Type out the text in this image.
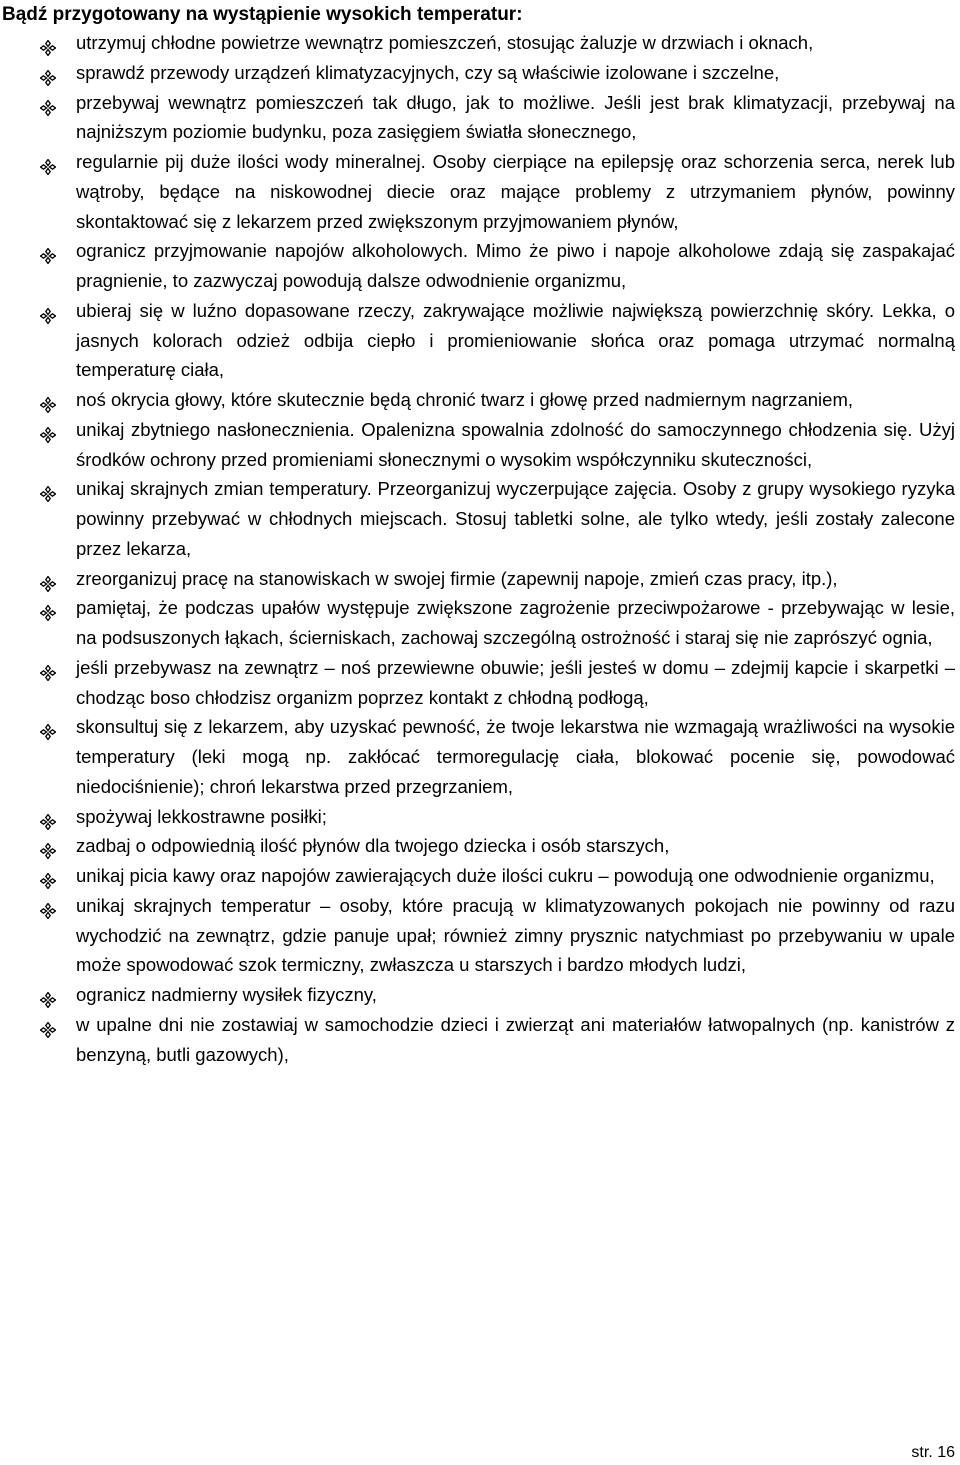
Bądź przygotowany na wystąpienie wysokich temperatur:
utrzymuj chłodne powietrze wewnątrz pomieszczeń, stosując żaluzje w drzwiach i oknach,
sprawdź przewody urządzeń klimatyzacyjnych, czy są właściwie izolowane i szczelne,
przebywaj wewnątrz pomieszczeń tak długo, jak to możliwe. Jeśli jest brak klimatyzacji, przebywaj na najniższym poziomie budynku, poza zasięgiem światła słonecznego,
regularnie pij duże ilości wody mineralnej. Osoby cierpiące na epilepsję oraz schorzenia serca, nerek lub wątroby, będące na niskowodnej diecie oraz mające problemy z utrzymaniem płynów, powinny skontaktować się z lekarzem przed zwiększonym przyjmowaniem płynów,
ogranicz przyjmowanie napojów alkoholowych. Mimo że piwo i napoje alkoholowe zdają się zaspakajać pragnienie, to zazwyczaj powodują dalsze odwodnienie organizmu,
ubieraj się w luźno dopasowane rzeczy, zakrywające możliwie największą powierzchnię skóry. Lekka, o jasnych kolorach odzież odbija ciepło i promieniowanie słońca oraz pomaga utrzymać normalną temperaturę ciała,
noś okrycia głowy, które skutecznie będą chronić twarz i głowę przed nadmiernym nagrzaniem,
unikaj zbytniego nasłonecznienia. Opalenizna spowalnia zdolność do samoczynnego chłodzenia się. Użyj środków ochrony przed promieniami słonecznymi o wysokim współczynniku skuteczności,
unikaj skrajnych zmian temperatury. Przeorganizuj wyczerpujące zajęcia. Osoby z grupy wysokiego ryzyka powinny przebywać w chłodnych miejscach. Stosuj tabletki solne, ale tylko wtedy, jeśli zostały zalecone przez lekarza,
zreorganizuj pracę na stanowiskach w swojej firmie (zapewnij napoje, zmień czas pracy, itp.),
pamiętaj, że podczas upałów występuje zwiększone zagrożenie przeciwpożarowe - przebywając w lesie, na podsuszonych łąkach, ścierniskach, zachowaj szczególną ostrożność i staraj się nie zaprószyć ognia,
jeśli przebywasz na zewnątrz – noś przewiewne obuwie; jeśli jesteś w domu – zdejmij kapcie i skarpetki – chodząc boso chłodzisz organizm poprzez kontakt z chłodną podłogą,
skonsultuj się z lekarzem, aby uzyskać pewność, że twoje lekarstwa nie wzmagają wrażliwości na wysokie temperatury (leki mogą np. zakłócać termoregulację ciała, blokować pocenie się, powodować niedociśnienie); chroń lekarstwa przed przegrzaniem,
spożywaj lekkostrawne posiłki;
zadbaj o odpowiednią ilość płynów dla twojego dziecka i osób starszych,
unikaj picia kawy oraz napojów zawierających duże ilości cukru – powodują one odwodnienie organizmu,
unikaj skrajnych temperatur – osoby, które pracują w klimatyzowanych pokojach nie powinny od razu wychodzić na zewnątrz, gdzie panuje upał; również zimny prysznic natychmiast po przebywaniu w upale może spowodować szok termiczny, zwłaszcza u starszych i bardzo młodych ludzi,
ogranicz nadmierny wysiłek fizyczny,
w upalne dni nie zostawiaj w samochodzie dzieci i zwierząt ani materiałów łatwopalnych (np. kanistrów z benzyną, butli gazowych),
str. 16
